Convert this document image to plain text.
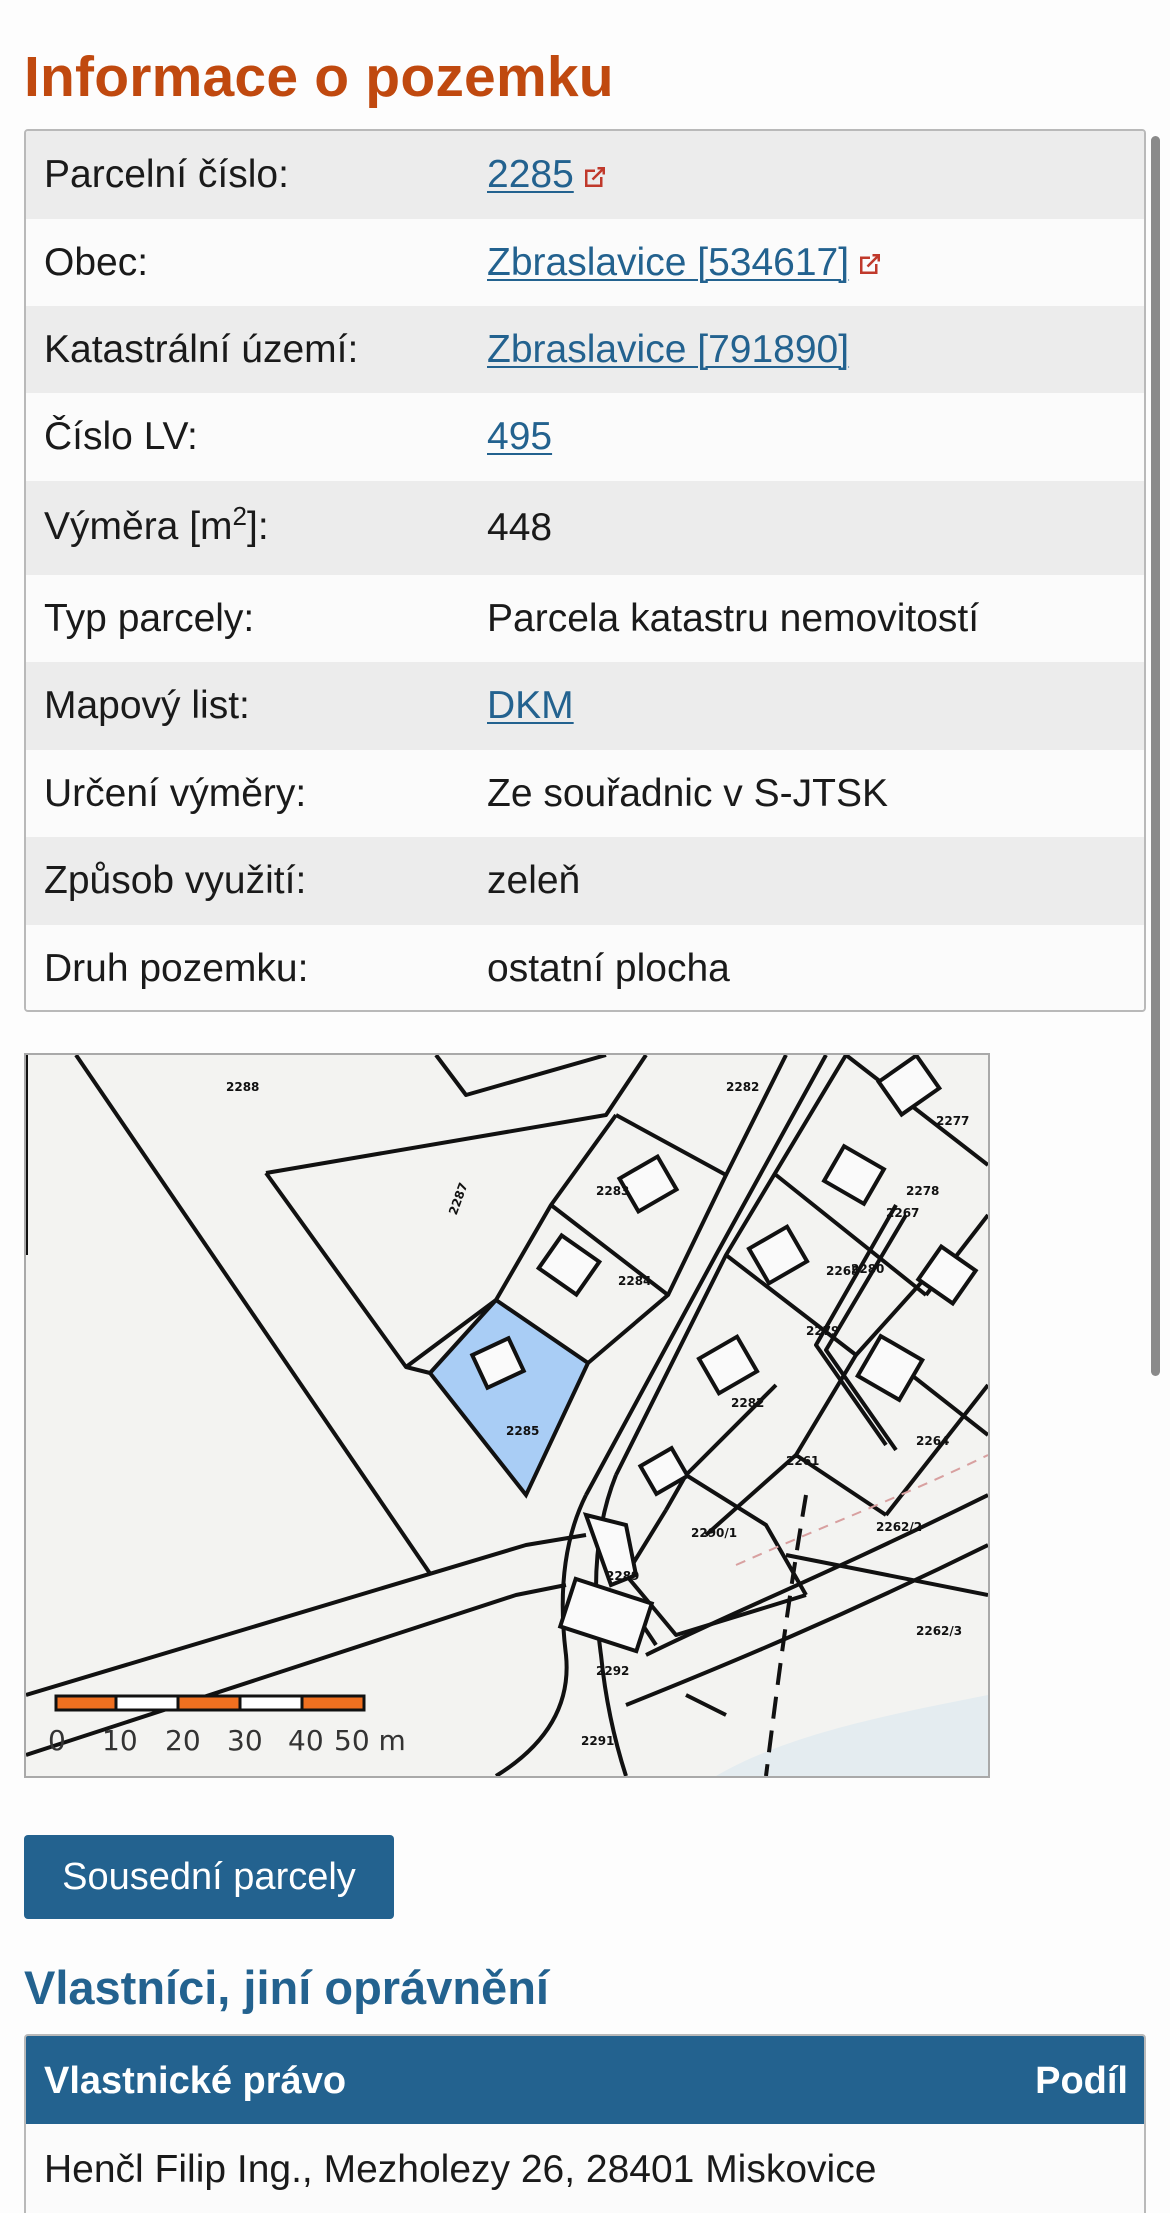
Informace o pozemku
Parcelní číslo:	2285
Obec:	Zbraslavice [534617]
Katastrální území:	Zbraslavice [791890]
Číslo LV:	495
Výměra $[m^2]$:	448
Typ parcely:	Parcela katastru nemovitostí
Mapový list:	DKM
Určení výměry:	Ze souřadnic v S-JTSK
Způsob využití:	zeleň
Druh pozemku:	ostatní plocha
2288
2287
2282
2283
2285
2284
2277
2278
2279
2282
2280
2264
2261
2290/1
2289
2292
2262/2
2262/3
2291
2267
2265
0 10 20 30 40 50 m
Sousední parcely
Vlastníci, jiní oprávnění
Vlastnické právo	Podíl
Henčl Filip Ing., Mezholezy 26, 28401 Miskovice
